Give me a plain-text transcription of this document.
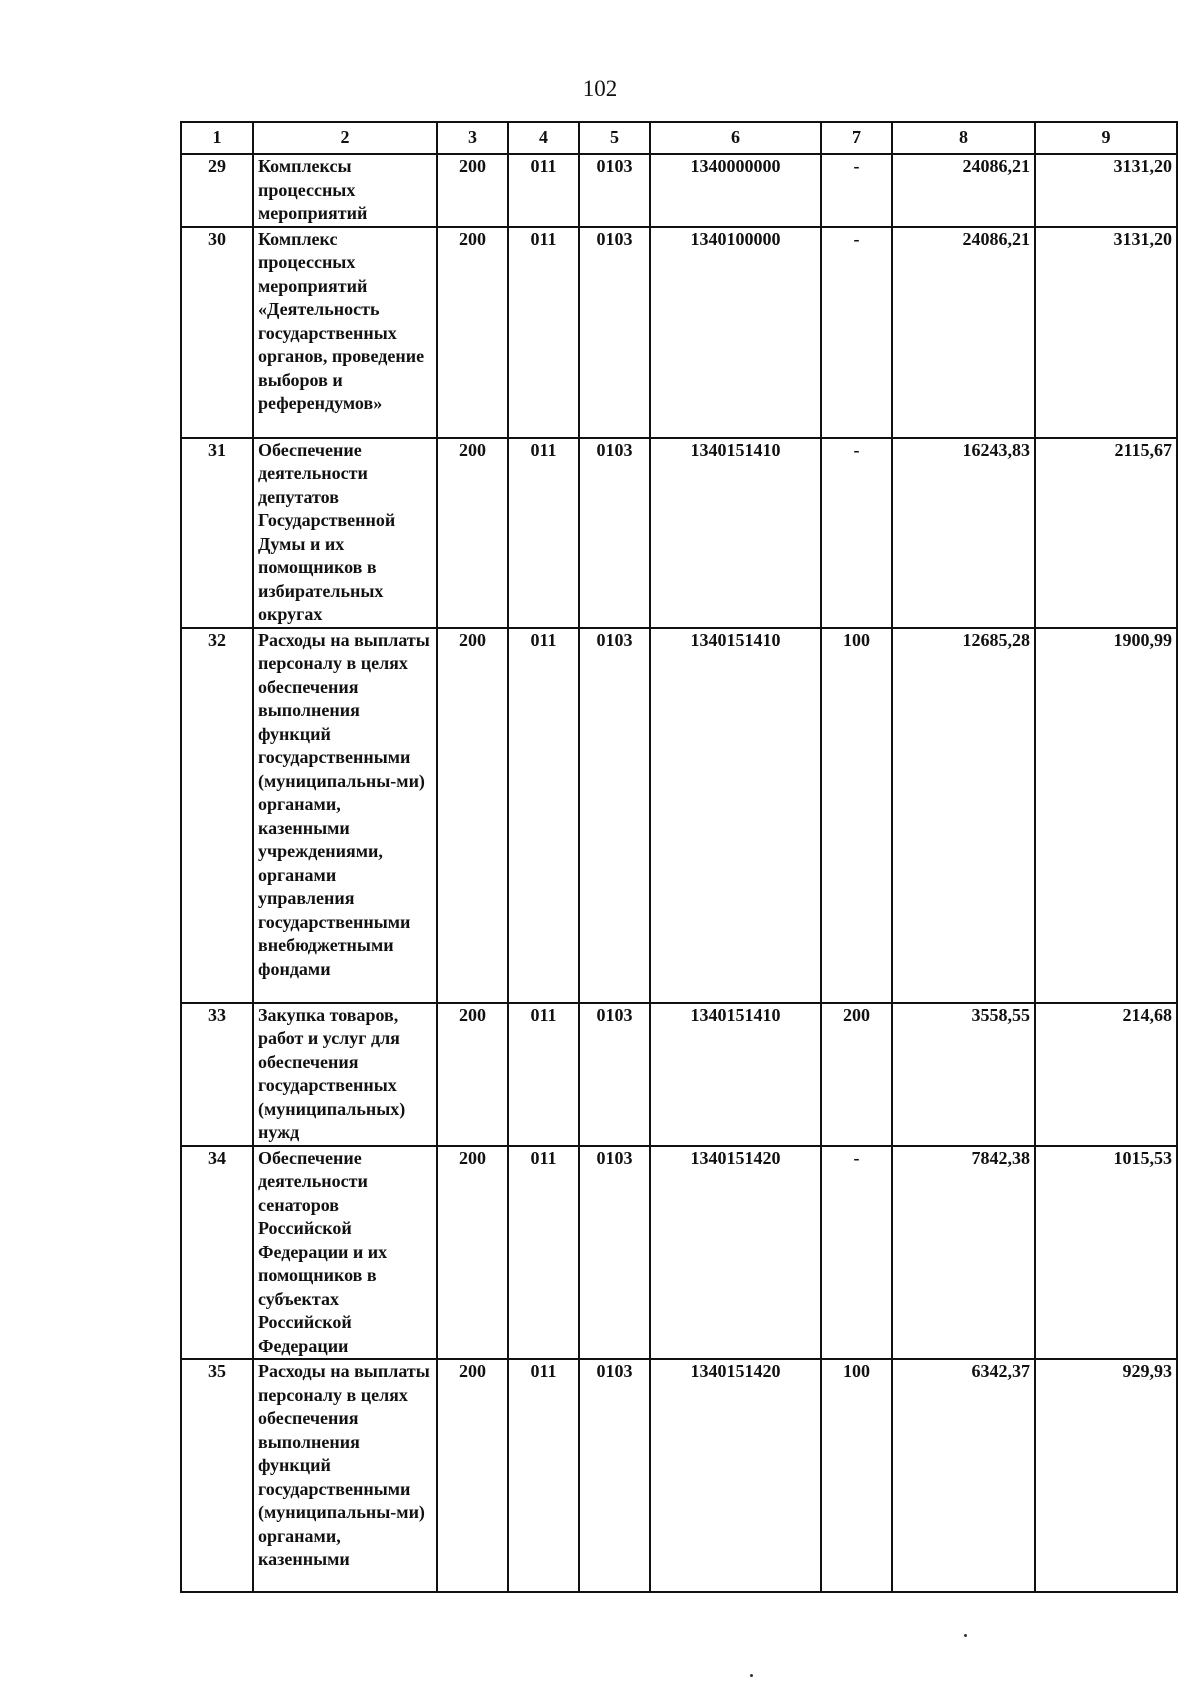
102
1	2	3	4	5	6	7	8	9
29	Комплексы процессных мероприятий	200	011	0103	1340000000	-	24086,21	3131,20
30	Комплекс процессных мероприятий «Деятельность государственных органов, проведение выборов и референдумов»	200	011	0103	1340100000	-	24086,21	3131,20
31	Обеспечение деятельности депутатов Государственной Думы и их помощников в избирательных округах	200	011	0103	1340151410	-	16243,83	2115,67
32	Расходы на выплаты персоналу в целях обеспечения выполнения функций государственными (муниципальны-ми) органами, казенными учреждениями, органами управления государственными внебюджетными фондами	200	011	0103	1340151410	100	12685,28	1900,99
33	Закупка товаров, работ и услуг для обеспечения государственных (муниципальных) нужд	200	011	0103	1340151410	200	3558,55	214,68
34	Обеспечение деятельности сенаторов Российской Федерации и их помощников в субъектах Российской Федерации	200	011	0103	1340151420	-	7842,38	1015,53
35	Расходы на выплаты персоналу в целях обеспечения выполнения функций государственными (муниципальны-ми) органами, казенными	200	011	0103	1340151420	100	6342,37	929,93
